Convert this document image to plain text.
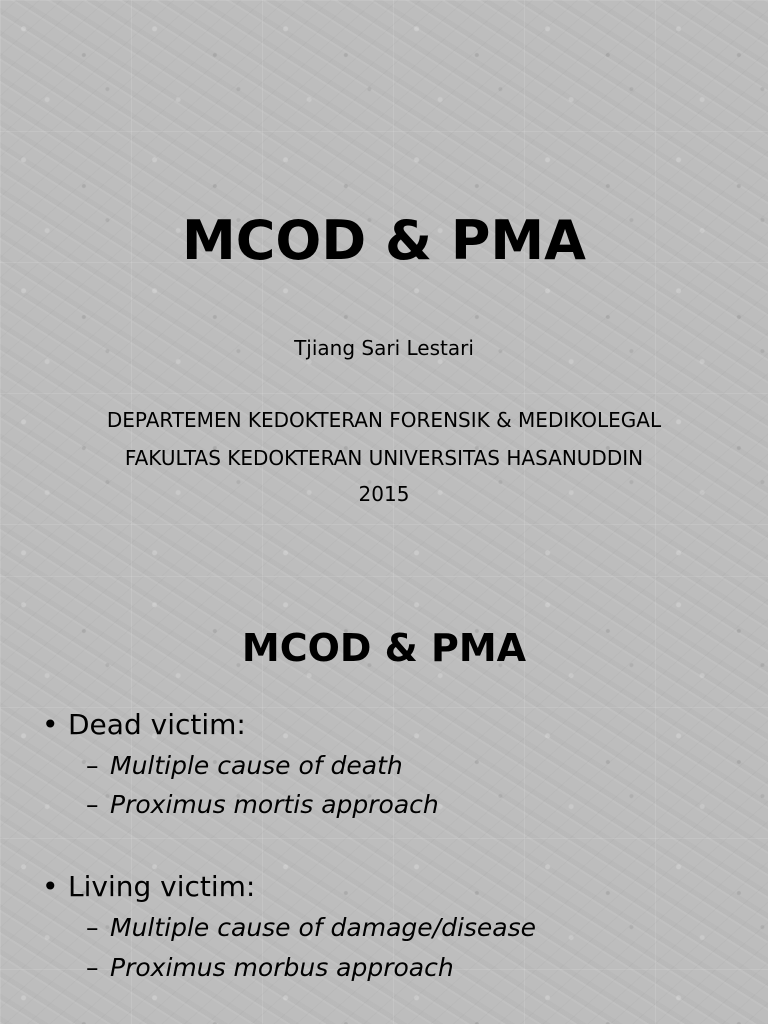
MCOD & PMA
Tjiang Sari Lestari
DEPARTEMEN KEDOKTERAN FORENSIK & MEDIKOLEGAL
FAKULTAS KEDOKTERAN UNIVERSITAS HASANUDDIN
2015
MCOD & PMA
• Dead victim:
– Multiple cause of death
– Proximus mortis approach
• Living victim:
– Multiple cause of damage/disease
– Proximus morbus approach
